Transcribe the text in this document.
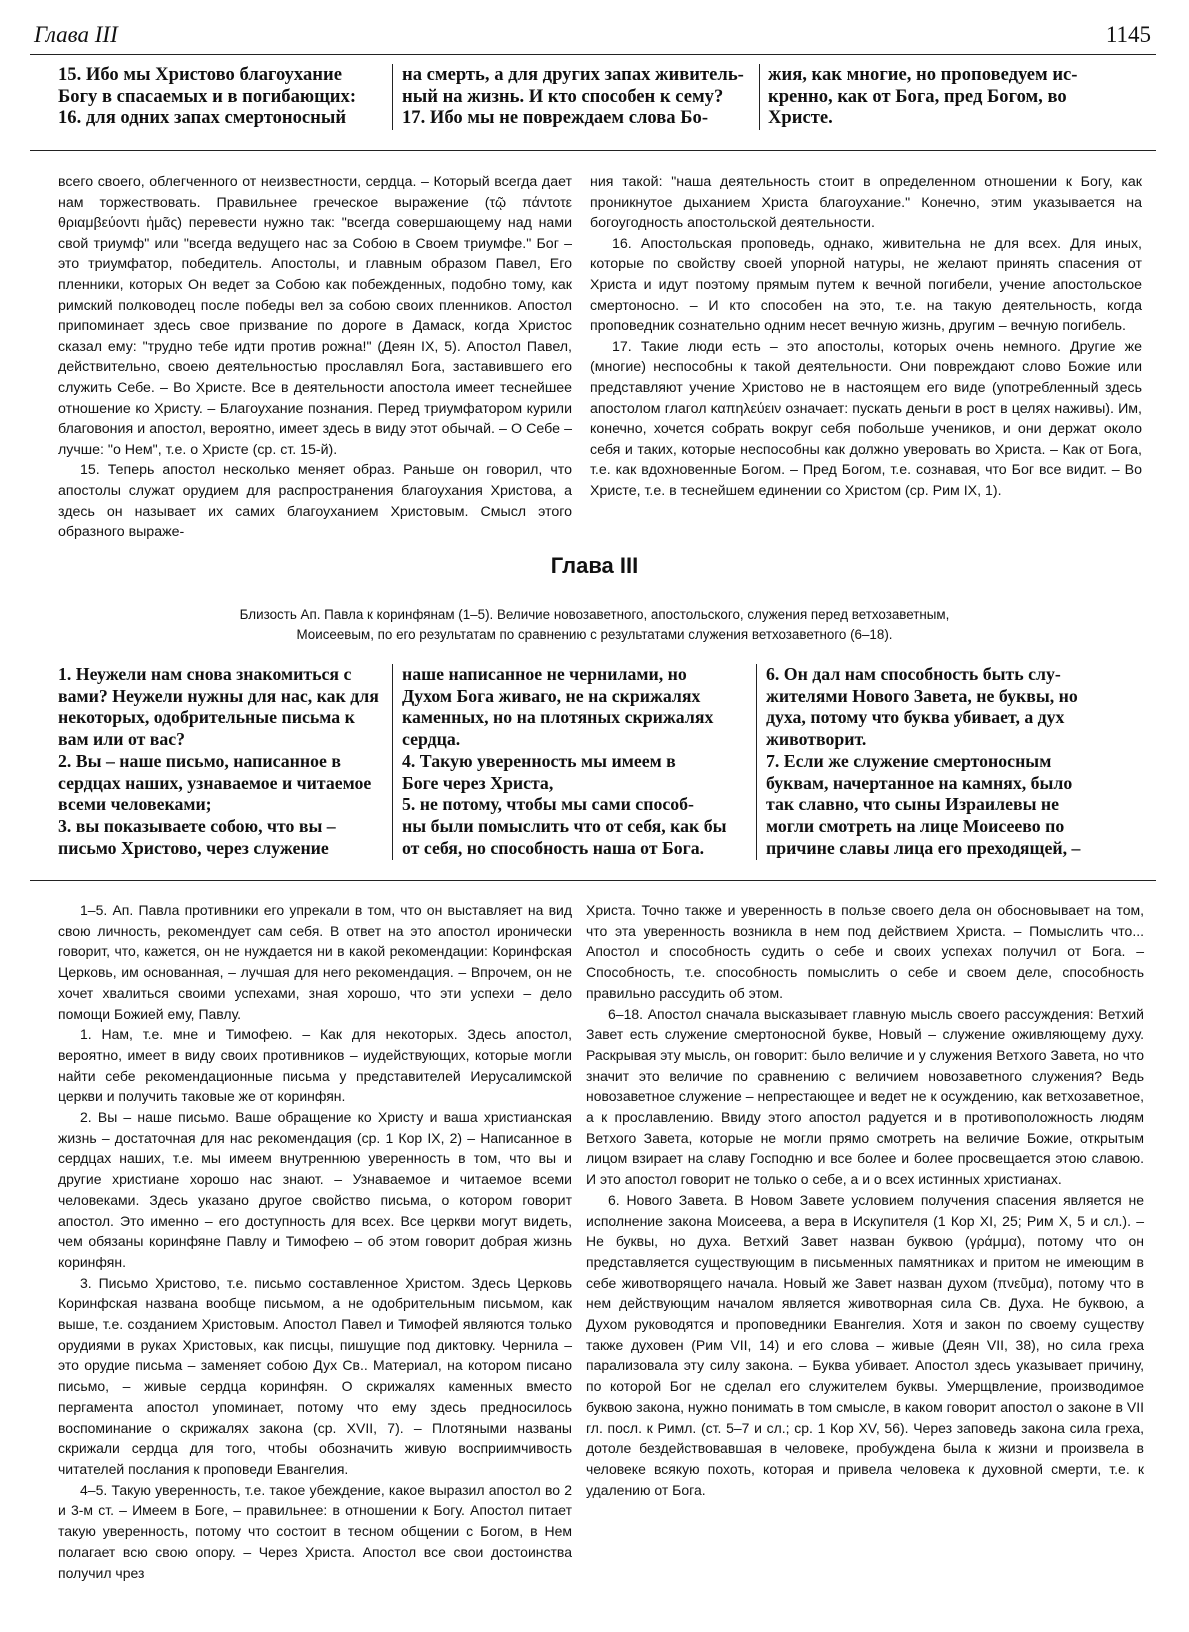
Глава III	1145

15. Ибо мы Христово благоухание

Богу в спасаемых и в погибающих:

16. для одних запах смертоносный

на смерть, а для других запах живитель-

ный на жизнь. И кто способен к сему?

17. Ибо мы не повреждаем слова Бо-

жия, как многие, но проповедуем ис-

кренно, как от Бога, пред Богом, во

Христе.

всего своего, облегченного от неизвестности, сердца. – Который всегда дает нам торжествовать. Правильнее греческое выражение (τῷ πάντοτε θριαμβεύοντι ἡμᾶς) перевести нужно так: "всегда совершающему над нами свой триумф" или "всегда ведущего нас за Собою в Своем триумфе." Бог – это триумфатор, победитель. Апостолы, и главным образом Павел, Его пленники, которых Он ведет за Собою как побежденных, подобно тому, как римский полководец после победы вел за собою своих пленников. Апостол припоминает здесь свое призвание по дороге в Дамаск, когда Христос сказал ему: "трудно тебе идти против рожна!" (Деян IX, 5). Апостол Павел, действительно, своею деятельностью прославлял Бога, заставившего его служить Себе. – Во Христе. Все в деятельности апостола имеет теснейшее отношение ко Христу. – Благоухание познания. Перед триумфатором курили благовония и апостол, вероятно, имеет здесь в виду этот обычай. – О Себе – лучше: "о Нем", т.е. о Христе (ср. ст. 15-й).

15. Теперь апостол несколько меняет образ. Раньше он говорил, что апостолы служат орудием для распространения благоухания Христова, а здесь он называет их самих благоуханием Христовым. Смысл этого образного выраже-

ния такой: "наша деятельность стоит в определенном отношении к Богу, как проникнутое дыханием Христа благоухание." Конечно, этим указывается на богоугодность апостольской деятельности.

16. Апостольская проповедь, однако, живительна не для всех. Для иных, которые по свойству своей упорной натуры, не желают принять спасения от Христа и идут поэтому прямым путем к вечной погибели, учение апостольское смертоносно. – И кто способен на это, т.е. на такую деятельность, когда проповедник сознательно одним несет вечную жизнь, другим – вечную погибель.

17. Такие люди есть – это апостолы, которых очень немного. Другие же (многие) неспособны к такой деятельности. Они повреждают слово Божие или представляют учение Христово не в настоящем его виде (употребленный здесь апостолом глагол καπηλεύειν означает: пускать деньги в рост в целях наживы). Им, конечно, хочется собрать вокруг себя побольше учеников, и они держат около себя и таких, которые неспособны как должно уверовать во Христа. – Как от Бога, т.е. как вдохновенные Богом. – Пред Богом, т.е. сознавая, что Бог все видит. – Во Христе, т.е. в теснейшем единении со Христом (ср. Рим IX, 1).

Глава III
Близость Ап. Павла к коринфянам (1–5). Величие новозаветного, апостольского, служения перед ветхозаветным,
Моисеевым, по его результатам по сравнению с результатами служения ветхозаветного (6–18).

1. Неужели нам снова знакомиться с

вами? Неужели нужны для нас, как для

некоторых, одобрительные письма к

вам или от вас?

2. Вы – наше письмо, написанное в

сердцах наших, узнаваемое и читаемое

всеми человеками;

3. вы показываете собою, что вы –

письмо Христово, через служение

наше написанное не чернилами, но

Духом Бога живаго, не на скрижалях

каменных, но на плотяных скрижалях

сердца.

4. Такую уверенность мы имеем в

Боге через Христа,

5. не потому, чтобы мы сами способ-

ны были помыслить что от себя, как бы

от себя, но способность наша от Бога.

6. Он дал нам способность быть слу-

жителями Нового Завета, не буквы, но

духа, потому что буква убивает, а дух

животворит.

7. Если же служение смертоносным

буквам, начертанное на камнях, было

так славно, что сыны Израилевы не

могли смотреть на лице Моисеево по

причине славы лица его преходящей, –

1–5. Ап. Павла противники его упрекали в том, что он выставляет на вид свою личность, рекомендует сам себя. В ответ на это апостол иронически говорит, что, кажется, он не нуждается ни в какой рекомендации: Коринфская Церковь, им основанная, – лучшая для него рекомендация. – Впрочем, он не хочет хвалиться своими успехами, зная хорошо, что эти успехи – дело помощи Божией ему, Павлу.

1. Нам, т.е. мне и Тимофею. – Как для некоторых. Здесь апостол, вероятно, имеет в виду своих противников – иудействующих, которые могли найти себе рекомендационные письма у представителей Иерусалимской церкви и получить таковые же от коринфян.

2. Вы – наше письмо. Ваше обращение ко Христу и ваша христианская жизнь – достаточная для нас рекомендация (ср. 1 Кор IX, 2) – Написанное в сердцах наших, т.е. мы имеем внутреннюю уверенность в том, что вы и другие христиане хорошо нас знают. – Узнаваемое и читаемое всеми человеками. Здесь указано другое свойство письма, о котором говорит апостол. Это именно – его доступность для всех. Все церкви могут видеть, чем обязаны коринфяне Павлу и Тимофею – об этом говорит добрая жизнь коринфян.

3. Письмо Христово, т.е. письмо составленное Христом. Здесь Церковь Коринфская названа вообще письмом, а не одобрительным письмом, как выше, т.е. созданием Христовым. Апостол Павел и Тимофей являются только орудиями в руках Христовых, как писцы, пишущие под диктовку. Чернила – это орудие письма – заменяет собою Дух Св.. Материал, на котором писано письмо, – живые сердца коринфян. О скрижалях каменных вместо пергамента апостол упоминает, потому что ему здесь предносилось воспоминание о скрижалях закона (ср. XVII, 7). – Плотяными названы скрижали сердца для того, чтобы обозначить живую восприимчивость читателей послания к проповеди Евангелия.

4–5. Такую уверенность, т.е. такое убеждение, какое выразил апостол во 2 и 3-м ст. – Имеем в Боге, – правильнее: в отношении к Богу. Апостол питает такую уверенность, потому что состоит в тесном общении с Богом, в Нем полагает всю свою опору. – Через Христа. Апостол все свои достоинства получил чрез

Христа. Точно также и уверенность в пользе своего дела он обосновывает на том, что эта уверенность возникла в нем под действием Христа. – Помыслить что... Апостол и способность судить о себе и своих успехах получил от Бога. – Способность, т.е. способность помыслить о себе и своем деле, способность правильно рассудить об этом.

6–18. Апостол сначала высказывает главную мысль своего рассуждения: Ветхий Завет есть служение смертоносной букве, Новый – служение оживляющему духу. Раскрывая эту мысль, он говорит: было величие и у служения Ветхого Завета, но что значит это величие по сравнению с величием новозаветного служения? Ведь новозаветное служение – непрестающее и ведет не к осуждению, как ветхозаветное, а к прославлению. Ввиду этого апостол радуется и в противоположность людям Ветхого Завета, которые не могли прямо смотреть на величие Божие, открытым лицом взирает на славу Господню и все более и более просвещается этою славою. И это апостол говорит не только о себе, а и о всех истинных христианах.

6. Нового Завета. В Новом Завете условием получения спасения является не исполнение закона Моисеева, а вера в Искупителя (1 Кор XI, 25; Рим X, 5 и сл.). – Не буквы, но духа. Ветхий Завет назван буквою (γράμμα), потому что он представляется существующим в письменных памятниках и притом не имеющим в себе животворящего начала. Новый же Завет назван духом (πνεῦμα), потому что в нем действующим началом является животворная сила Св. Духа. Не буквою, а Духом руководятся и проповедники Евангелия. Хотя и закон по своему существу также духовен (Рим VII, 14) и его слова – живые (Деян VII, 38), но сила греха парализовала эту силу закона. – Буква убивает. Апостол здесь указывает причину, по которой Бог не сделал его служителем буквы. Умерщвление, производимое буквою закона, нужно понимать в том смысле, в каком говорит апостол о законе в VII гл. посл. к Римл. (ст. 5–7 и сл.; ср. 1 Кор XV, 56). Через заповедь закона сила греха, дотоле бездействовавшая в человеке, пробуждена была к жизни и произвела в человеке всякую похоть, которая и привела человека к духовной смерти, т.е. к удалению от Бога.
